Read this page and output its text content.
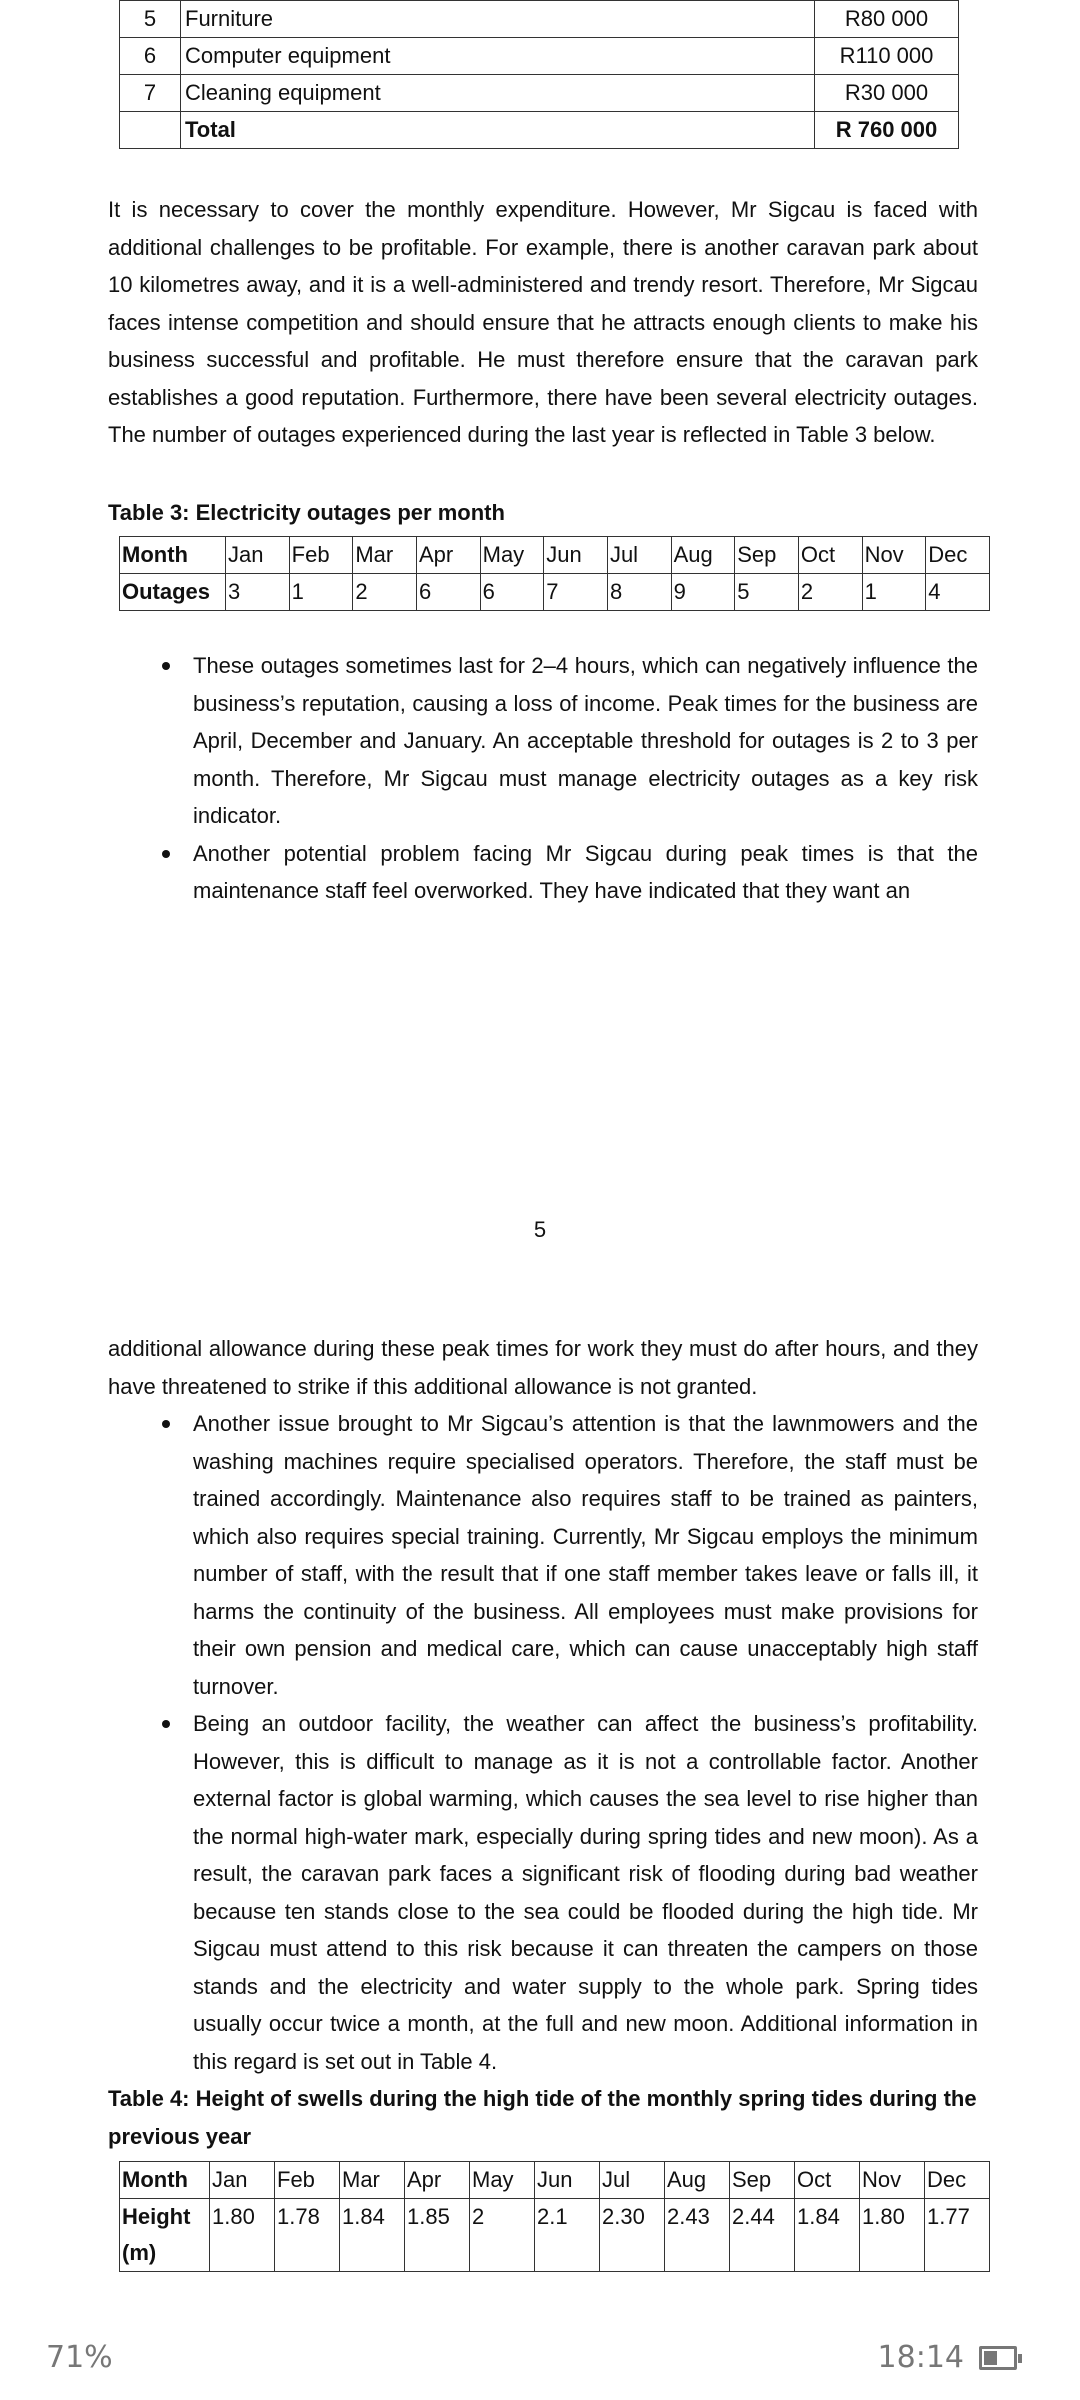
5	Furniture	R80 000
6	Computer equipment	R110 000
7	Cleaning equipment	R30 000
	Total	R 760 000

It is necessary to cover the monthly expenditure. However, Mr Sigcau is faced with additional challenges to be profitable. For example, there is another caravan park about 10 kilometres away, and it is a well-administered and trendy resort. Therefore, Mr Sigcau faces intense competition and should ensure that he attracts enough clients to make his business successful and profitable. He must therefore ensure that the caravan park establishes a good reputation. Furthermore, there have been several electricity outages. The number of outages experienced during the last year is reflected in Table 3 below.

Table 3: Electricity outages per month

Month	Jan	Feb	Mar	Apr	May	Jun	Jul	Aug	Sep	Oct	Nov	Dec
Outages	3	1	2	6	6	7	8	9	5	2	1	4
These outages sometimes last for 2–4 hours, which can negatively influence the business’s reputation, causing a loss of income. Peak times for the business are April, December and January. An acceptable threshold for outages is 2 to 3 per month. Therefore, Mr Sigcau must manage electricity outages as a key risk indicator.
Another potential problem facing Mr Sigcau during peak times is that the maintenance staff feel overworked. They have indicated that they want an
5

additional allowance during these peak times for work they must do after hours, and they have threatened to strike if this additional allowance is not granted.

Another issue brought to Mr Sigcau’s attention is that the lawnmowers and the washing machines require specialised operators. Therefore, the staff must be trained accordingly. Maintenance also requires staff to be trained as painters, which also requires special training. Currently, Mr Sigcau employs the minimum number of staff, with the result that if one staff member takes leave or falls ill, it harms the continuity of the business. All employees must make provisions for their own pension and medical care, which can cause unacceptably high staff turnover.
Being an outdoor facility, the weather can affect the business’s profitability. However, this is difficult to manage as it is not a controllable factor. Another external factor is global warming, which causes the sea level to rise higher than the normal high-water mark, especially during spring tides and new moon). As a result, the caravan park faces a significant risk of flooding during bad weather because ten stands close to the sea could be flooded during the high tide. Mr Sigcau must attend to this risk because it can threaten the campers on those stands and the electricity and water supply to the whole park. Spring tides usually occur twice a month, at the full and new moon. Additional information in this regard is set out in Table 4.

Table 4: Height of swells during the high tide of the monthly spring tides during the previous year

Month	Jan	Feb	Mar	Apr	May	Jun	Jul	Aug	Sep	Oct	Nov	Dec
Height (m)	1.80	1.78	1.84	1.85	2	2.1	2.30	2.43	2.44	1.84	1.80	1.77
71%	18:14
